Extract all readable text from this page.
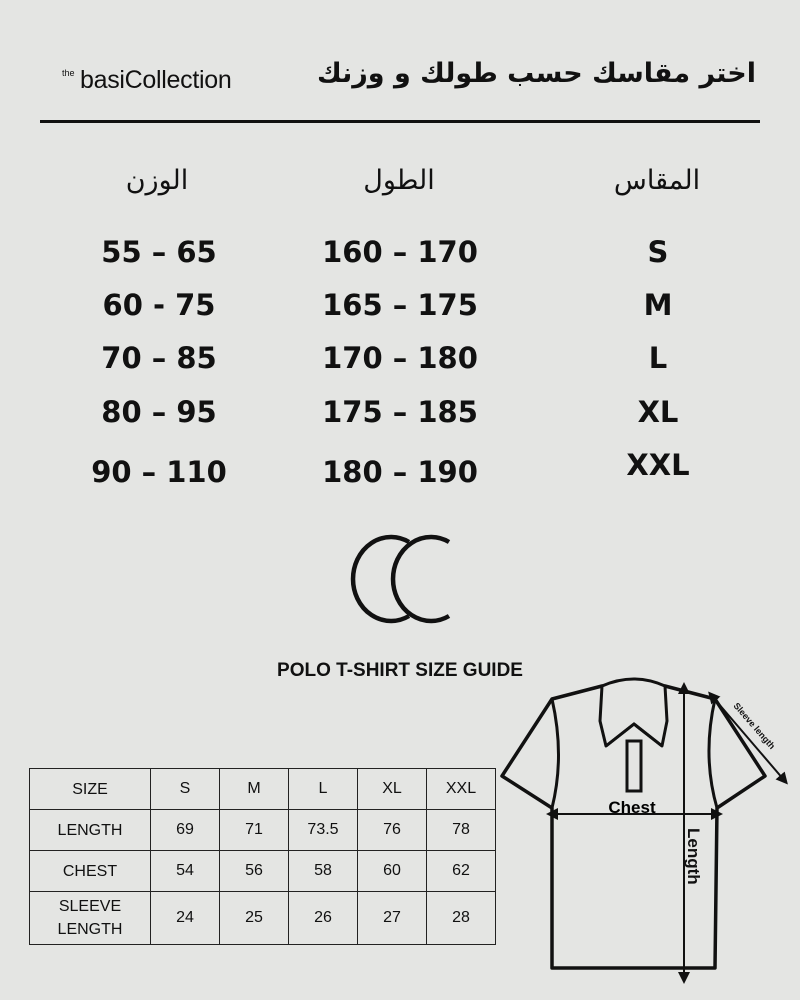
the basiCollection	اختر مقاسك حسب طولك و وزنك
الوزن	الطول	المقاس
55 – 65	160 – 170	S
60 - 75	165 – 175	M
70 – 85	170 – 180	L
80 – 95	175 – 185	XL
90 – 110	180 – 190	XXL
POLO T-SHIRT SIZE GUIDE
SIZE	S	M	L	XL	XXL
LENGTH	69	71	73.5	76	78
CHEST	54	56	58	60	62
SLEEVE LENGTH	24	25	26	27	28
Chest
Length
Sleeve length
